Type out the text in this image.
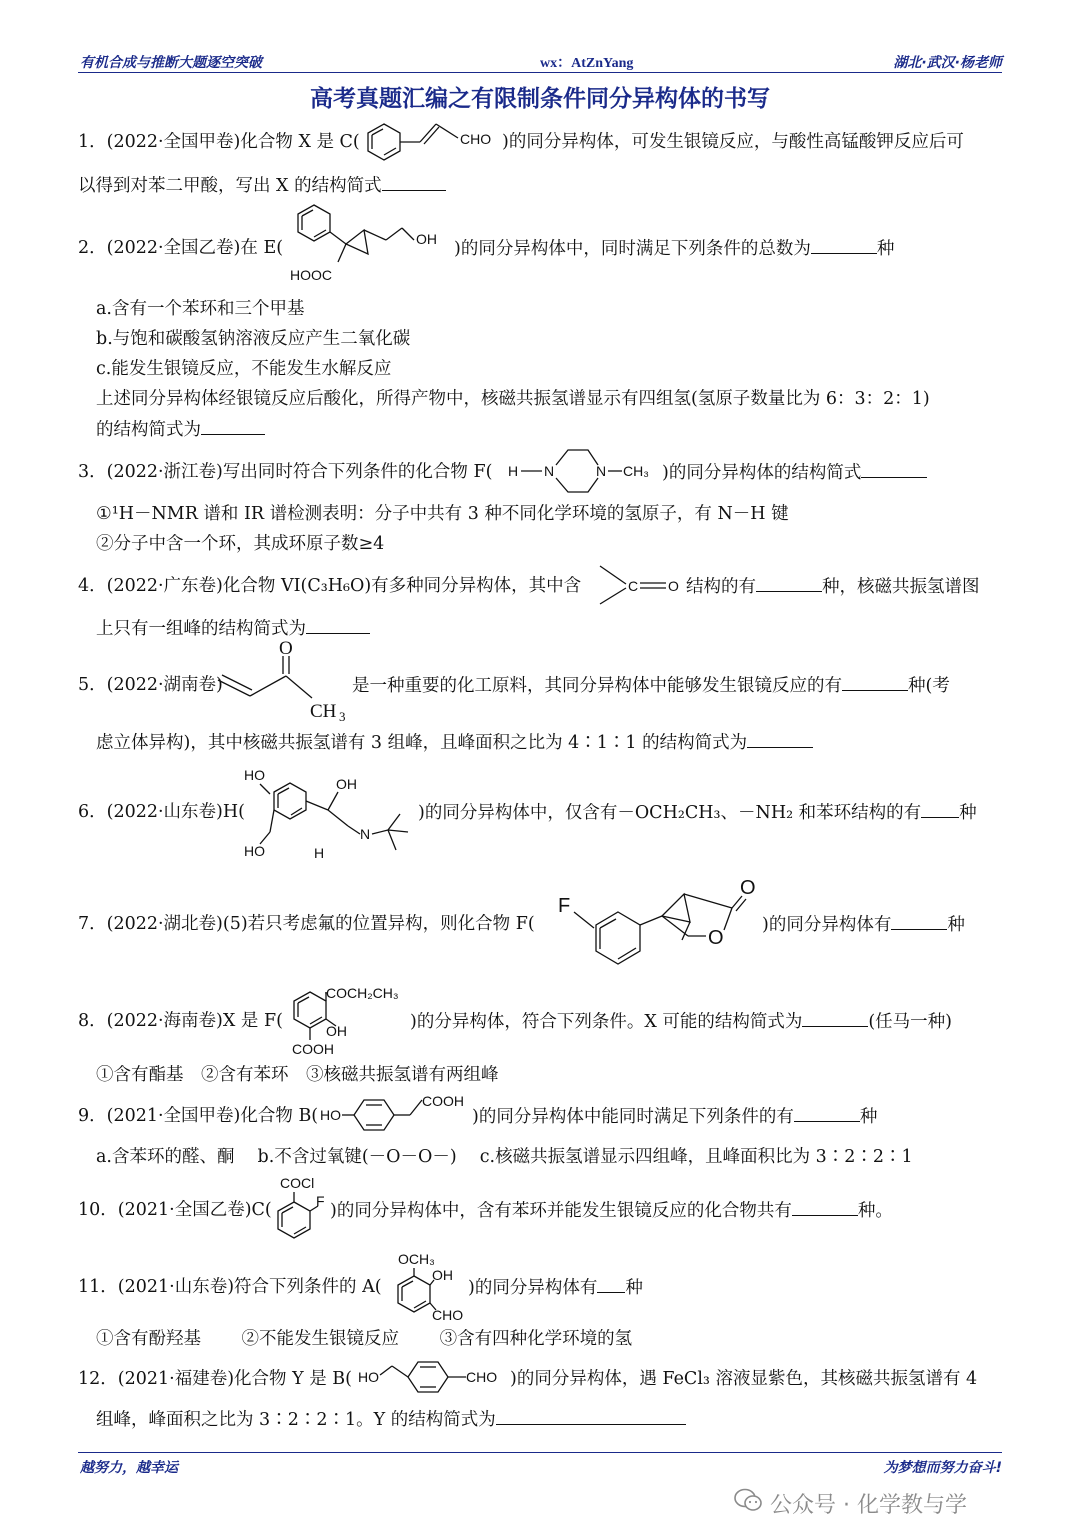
有机合成与推断大题逐空突破	wx：AtZnYang	湖北·武汉·杨老师
高考真题汇编之有限制条件同分异构体的书写
1．(2022·全国甲卷)化合物 X 是 C(	CHO )的同分异构体，可发生银镜反应，与酸性高锰酸钾反应后可
以得到对苯二甲酸，写出 X 的结构简式
2．(2022·全国乙卷)在 E(	OH
HOOC
)的同分异构体中，同时满足下列条件的总数为	种
a.含有一个苯环和三个甲基
b.与饱和碳酸氢钠溶液反应产生二氧化碳
c.能发生银镜反应，不能发生水解反应
上述同分异构体经银镜反应后酸化，所得产物中，核磁共振氢谱显示有四组氢(氢原子数量比为 6：3：2：1)
的结构简式为
3．(2022·浙江卷)写出同时符合下列条件的化合物 F( H N	N CH₃ )的同分异构体的结构简式
①¹H－NMR 谱和 IR 谱检测表明：分子中共有 3 种不同化学环境的氢原子，有 N－H 键
②分子中含一个环，其成环原子数≥4
4．(2022·广东卷)化合物 VI(C₃H₆O)有多种同分异构体，其中含	C O 结构的有	种，核磁共振氢谱图
上只有一组峰的结构简式为
5．(2022·湖南卷)
O
CH 3
是一种重要的化工原料，其同分异构体中能够发生银镜反应的有	种(考
虑立体异构)，其中核磁共振氢谱有 3 组峰，且峰面积之比为 4∶1∶1 的结构简式为
6．(2022·山东卷)H(
HO
HO
OH
N
H
)的同分异构体中，仅含有－OCH₂CH₃、－NH₂ 和苯环结构的有 种
7．(2022·湖北卷)(5)若只考虑氟的位置异构，则化合物 F(
F
O
O
)的同分异构体有	种
8．(2022·海南卷)X 是 F(
COCH₂CH₃
OH
COOH
)的分异构体，符合下列条件。X 可能的结构简式为	(任马一种)
①含有酯基　②含有苯环　③核磁共振氢谱有两组峰
9．(2021·全国甲卷)化合物 B( HO
COOH
)的同分异构体中能同时满足下列条件的有	种
a.含苯环的醛、酮　 b.不含过氧键(－O－O－)　 c.核磁共振氢谱显示四组峰，且峰面积比为 3∶2∶2∶1
10．(2021·全国乙卷)C(
COCl
F )的同分异构体中，含有苯环并能发生银镜反应的化合物共有	种。
11．(2021·山东卷)符合下列条件的 A(
OCH₃
OH
CHO
)的同分异构体有 种
①含有酚羟基　　 ②不能发生银镜反应　　 ③含有四种化学环境的氢
12．(2021·福建卷)化合物 Y 是 B( HO	CHO )的同分异构体，遇 FeCl₃ 溶液显紫色，其核磁共振氢谱有 4
组峰，峰面积之比为 3∶2∶2∶1。Y 的结构简式为
越努力，越幸运	为梦想而努力奋斗!
公众号 · 化学教与学
